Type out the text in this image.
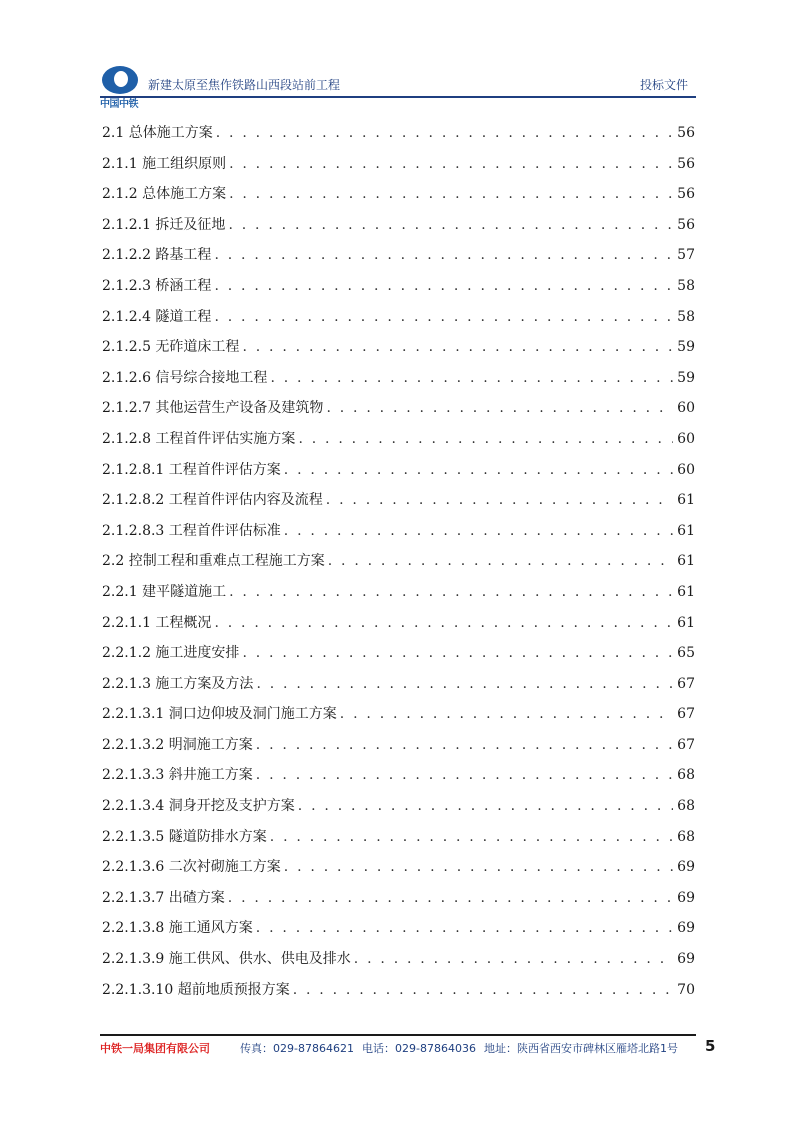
中国中铁
新建太原至焦作铁路山西段站前工程	投标文件
2.1 总体施工方案 . . .	56
2.1.1 施工组织原则 . . .	56
2.1.2 总体施工方案 . . .	56
2.1.2.1 拆迁及征地 . . .	56
2.1.2.2 路基工程 . . .	57
2.1.2.3 桥涵工程 . . .	58
2.1.2.4 隧道工程 . . .	58
2.1.2.5 无砟道床工程 . . .	59
2.1.2.6 信号综合接地工程 . . .	59
2.1.2.7 其他运营生产设备及建筑物 . . .	60
2.1.2.8 工程首件评估实施方案 . . .	60
2.1.2.8.1 工程首件评估方案 . . .	60
2.1.2.8.2 工程首件评估内容及流程 . . .	61
2.1.2.8.3 工程首件评估标准 . . .	61
2.2 控制工程和重难点工程施工方案 . . .	61
2.2.1 建平隧道施工 . . .	61
2.2.1.1 工程概况 . . .	61
2.2.1.2 施工进度安排 . . .	65
2.2.1.3 施工方案及方法 . . .	67
2.2.1.3.1 洞口边仰坡及洞门施工方案 . . .	67
2.2.1.3.2 明洞施工方案 . . .	67
2.2.1.3.3 斜井施工方案 . . .	68
2.2.1.3.4 洞身开挖及支护方案 . . .	68
2.2.1.3.5 隧道防排水方案 . . .	68
2.2.1.3.6 二次衬砌施工方案 . . .	69
2.2.1.3.7 出碴方案 . . .	69
2.2.1.3.8 施工通风方案 . . .	69
2.2.1.3.9 施工供风、供水、供电及排水 . . .	69
2.2.1.3.10 超前地质预报方案 . . .	70
中铁一局集团有限公司	传真：029-87864621 电话：029-87864036 地址：陕西省西安市碑林区雁塔北路1号 5
